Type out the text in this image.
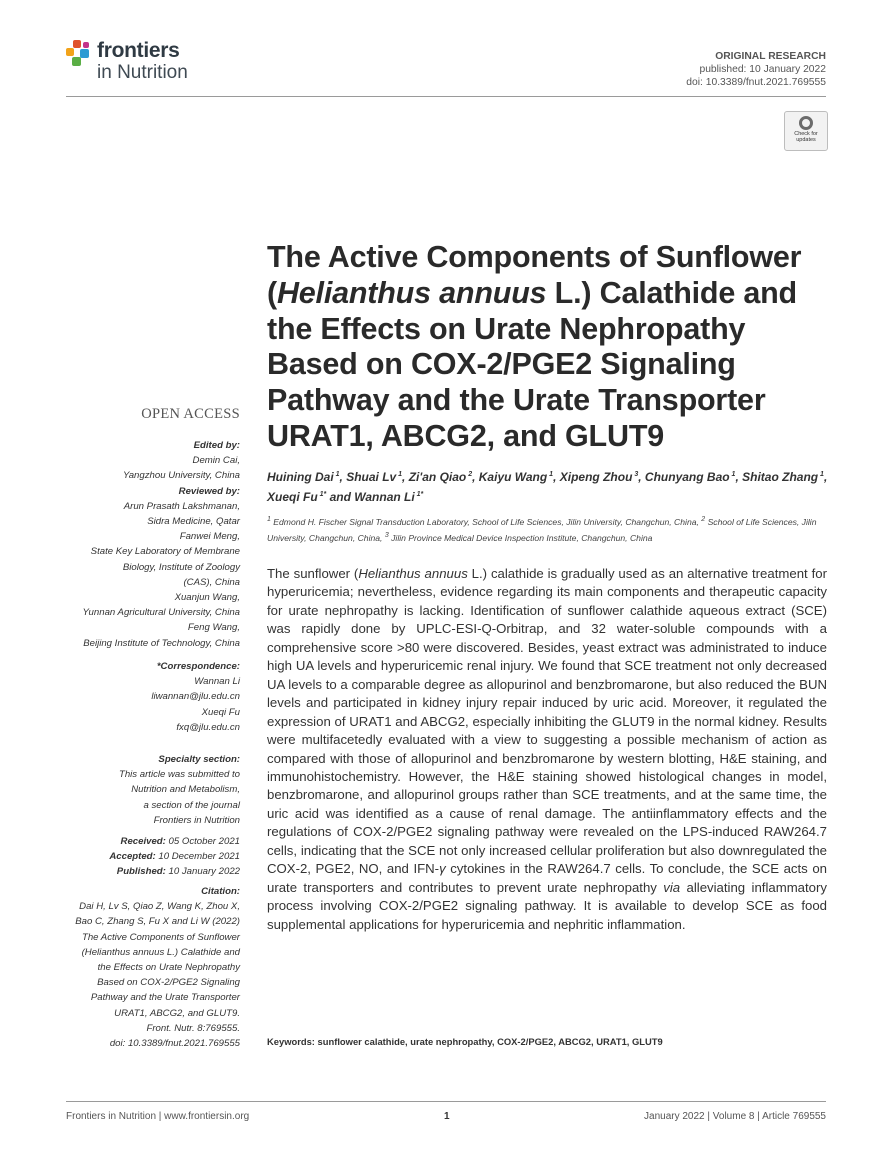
frontiers
in Nutrition
ORIGINAL RESEARCH
published: 10 January 2022
doi: 10.3389/fnut.2021.769555
Check for updates
The Active Components of Sunflower
(Helianthus annuus L.) Calathide and
the Effects on Urate Nephropathy
Based on COX-2/PGE2 Signaling
Pathway and the Urate Transporter
URAT1, ABCG2, and GLUT9
Huining Dai $^1$, Shuai Lv $^1$, Zi'an Qiao $^2$, Kaiyu Wang $^1$, Xipeng Zhou $^3$, Chunyang Bao $^1$, Shitao Zhang $^1$, Xueqi Fu $^{1*}$ and Wannan Li $^{1*}$
$^1$ Edmond H. Fischer Signal Transduction Laboratory, School of Life Sciences, Jilin University, Changchun, China, $^2$ School of Life Sciences, Jilin University, Changchun, China, $^3$ Jilin Province Medical Device Inspection Institute, Changchun, China
The sunflower (Helianthus annuus L.) calathide is gradually used as an alternative treatment for hyperuricemia; nevertheless, evidence regarding its main components and therapeutic capacity for urate nephropathy is lacking. Identification of sunflower calathide aqueous extract (SCE) was rapidly done by UPLC-ESI-Q-Orbitrap, and 32 water-soluble compounds with a comprehensive score >80 were discovered. Besides, yeast extract was administrated to induce high UA levels and hyperuricemic renal injury. We found that SCE treatment not only decreased UA levels to a comparable degree as allopurinol and benzbromarone, but also reduced the BUN levels and participated in kidney injury repair induced by uric acid. Moreover, it regulated the expression of URAT1 and ABCG2, especially inhibiting the GLUT9 in the normal kidney. Results were multifacetedly evaluated with a view to suggesting a possible mechanism of action as compared with those of allopurinol and benzbromarone by western blotting, H&E staining, and immunohistochemistry. However, the H&E staining showed histological changes in model, benzbromarone, and allopurinol groups rather than SCE treatments, and at the same time, the uric acid was identified as a cause of renal damage. The antiinflammatory effects and the regulations of COX-2/PGE2 signaling pathway were revealed on the LPS-induced RAW264.7 cells, indicating that the SCE not only increased cellular proliferation but also downregulated the COX-2, PGE2, NO, and IFN-γ cytokines in the RAW264.7 cells. To conclude, the SCE acts on urate transporters and contributes to prevent urate nephropathy via alleviating inflammatory process involving COX-2/PGE2 signaling pathway. It is available to develop SCE as food supplemental applications for hyperuricemia and nephritic inflammation.
Keywords: sunflower calathide, urate nephropathy, COX-2/PGE2, ABCG2, URAT1, GLUT9
OPEN ACCESS
Edited by:
Demin Cai,
Yangzhou University, China
Reviewed by:
Arun Prasath Lakshmanan,
Sidra Medicine, Qatar
Fanwei Meng,
State Key Laboratory of Membrane
Biology, Institute of Zoology
(CAS), China
Xuanjun Wang,
Yunnan Agricultural University, China
Feng Wang,
Beijing Institute of Technology, China
*Correspondence:
Wannan Li
liwannan@jlu.edu.cn
Xueqi Fu
fxq@jlu.edu.cn
Specialty section:
This article was submitted to
Nutrition and Metabolism,
a section of the journal
Frontiers in Nutrition
Received: 05 October 2021
Accepted: 10 December 2021
Published: 10 January 2022
Citation:
Dai H, Lv S, Qiao Z, Wang K, Zhou X,
Bao C, Zhang S, Fu X and Li W (2022)
The Active Components of Sunflower
(Helianthus annuus L.) Calathide and
the Effects on Urate Nephropathy
Based on COX-2/PGE2 Signaling
Pathway and the Urate Transporter
URAT1, ABCG2, and GLUT9.
Front. Nutr. 8:769555.
doi: 10.3389/fnut.2021.769555
Frontiers in Nutrition | www.frontiersin.org	1	January 2022 | Volume 8 | Article 769555
